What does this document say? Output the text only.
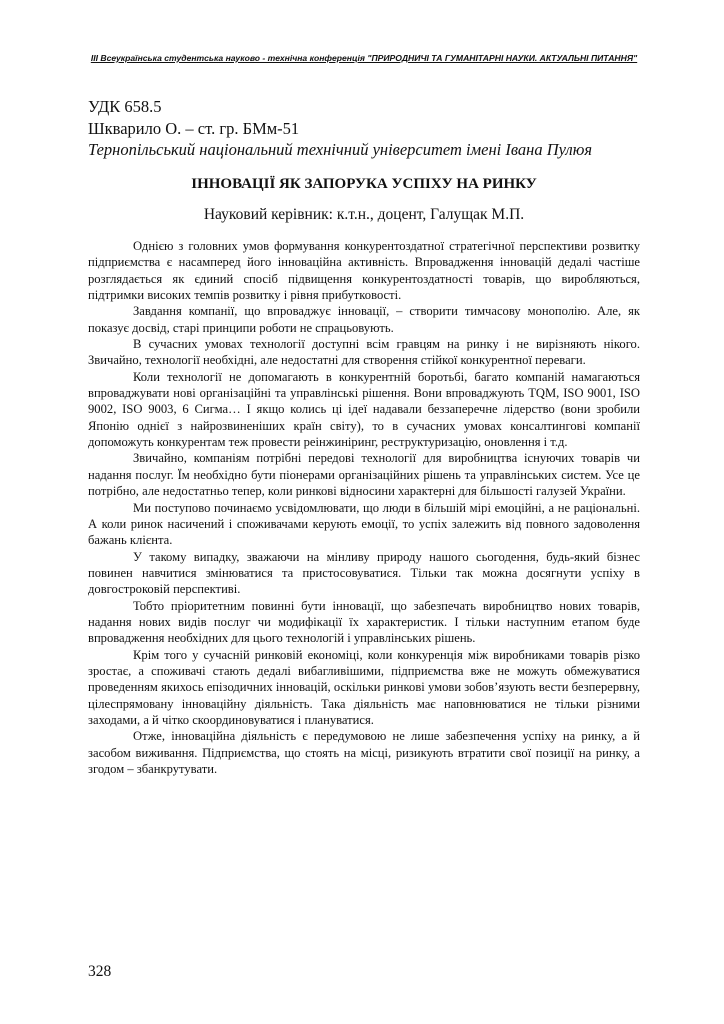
ІІІ Всеукраїнська студентська науково - технічна конференція "ПРИРОДНИЧІ ТА ГУМАНІТАРНІ НАУКИ. АКТУАЛЬНІ ПИТАННЯ"
УДК 658.5
Шкварило О. – ст. гр. БМм-51
Тернопільський національний технічний університет імені Івана Пулюя
ІННОВАЦІЇ ЯК ЗАПОРУКА УСПІХУ НА РИНКУ
Науковий керівник: к.т.н., доцент, Галущак М.П.

Однією з головних умов формування конкурентоздатної стратегічної перспективи розвитку підприємства є насамперед його інноваційна активність. Впровадження інновацій дедалі частіше розглядається як єдиний спосіб підвищення конкурентоздатності товарів, що виробляються, підтримки високих темпів розвитку і рівня прибутковості.

Завдання компанії, що впроваджує інновації, – створити тимчасову монополію. Але, як показує досвід, старі принципи роботи не спрацьовують.

В сучасних умовах технології доступні всім гравцям на ринку і не вирізняють нікого. Звичайно, технології необхідні, але недостатні для створення стійкої конкурентної переваги.

Коли технології не допомагають в конкурентній боротьбі, багато компаній намагаються впроваджувати нові організаційні та управлінські рішення. Вони впроваджують TQM, ISO 9001, ISO 9002, ISO 9003, 6 Сигма… І якщо колись ці ідеї надавали беззаперечне лідерство (вони зробили Японію однієї з найрозвиненіших країн світу), то в сучасних умовах консалтингові компанії допоможуть конкурентам теж провести реінжиніринг, реструктуризацію, оновлення і т.д.

Звичайно, компаніям потрібні передові технології для виробництва існуючих товарів чи надання послуг. Їм необхідно бути піонерами організаційних рішень та управлінських систем. Усе це потрібно, але недостатньо тепер, коли ринкові відносини характерні для більшості галузей України.

Ми поступово починаємо усвідомлювати, що люди в більшій мірі емоційні, а не раціональні. А коли ринок насичений і споживачами керують емоції, то успіх залежить від повного задоволення бажань клієнта.

У такому випадку, зважаючи на мінливу природу нашого сьогодення, будь-який бізнес повинен навчитися змінюватися та пристосовуватися. Тільки так можна досягнути успіху в довгостроковій перспективі.

Тобто пріоритетним повинні бути інновації, що забезпечать виробництво нових товарів, надання нових видів послуг чи модифікації їх характеристик. І тільки наступним етапом буде впровадження необхідних для цього технологій і управлінських рішень.

Крім того у сучасній ринковій економіці, коли конкуренція між виробниками товарів різко зростає, а споживачі стають дедалі вибагливішими, підприємства вже не можуть обмежуватися проведенням якихось епізодичних інновацій, оскільки ринкові умови зобов’язують вести безперервну, цілеспрямовану інноваційну діяльність. Така діяльність має наповнюватися не тільки різними заходами, а й чітко скоординовуватися і плануватися.

Отже, інноваційна діяльність є передумовою не лише забезпечення успіху на ринку, а й засобом виживання. Підприємства, що стоять на місці, ризикують втратити свої позиції на ринку, а згодом – збанкрутувати.

328
